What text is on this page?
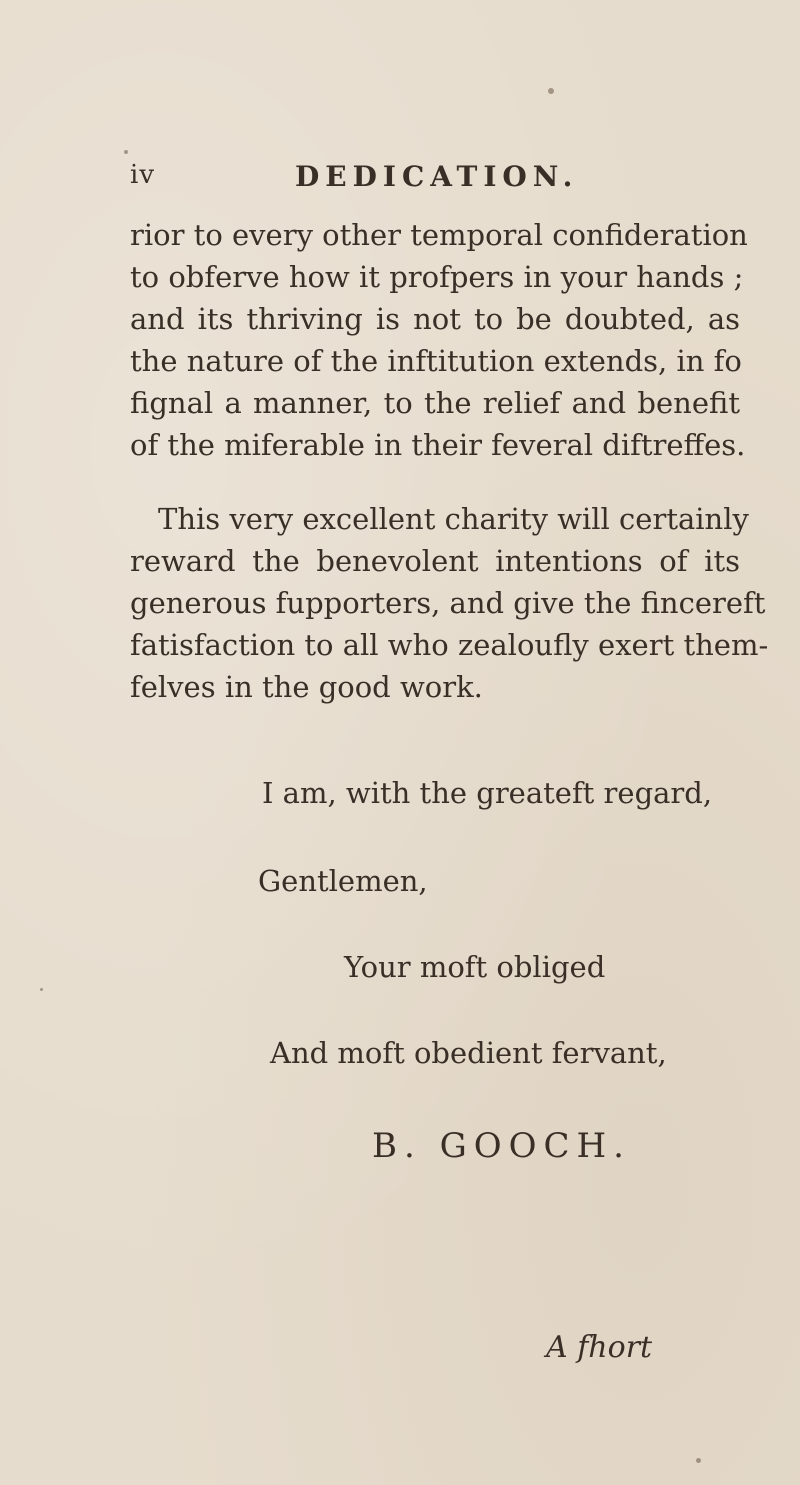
iv	DEDICATION.
rior to every other temporal confideration
to obferve how it profpers in your hands ;
and its thriving is not to be doubted, as
the nature of the inftitution extends, in fo
fignal a manner, to the relief and benefit
of the miferable in their feveral diftreffes.
This very excellent charity will certainly
reward the benevolent intentions of its
generous fupporters, and give the fincereft
fatisfaction to all who zealoufly exert them-
felves in the good work.
I am, with the greateft regard,
Gentlemen,
Your moft obliged
And moft obedient fervant,
B. GOOCH.
A fhort
